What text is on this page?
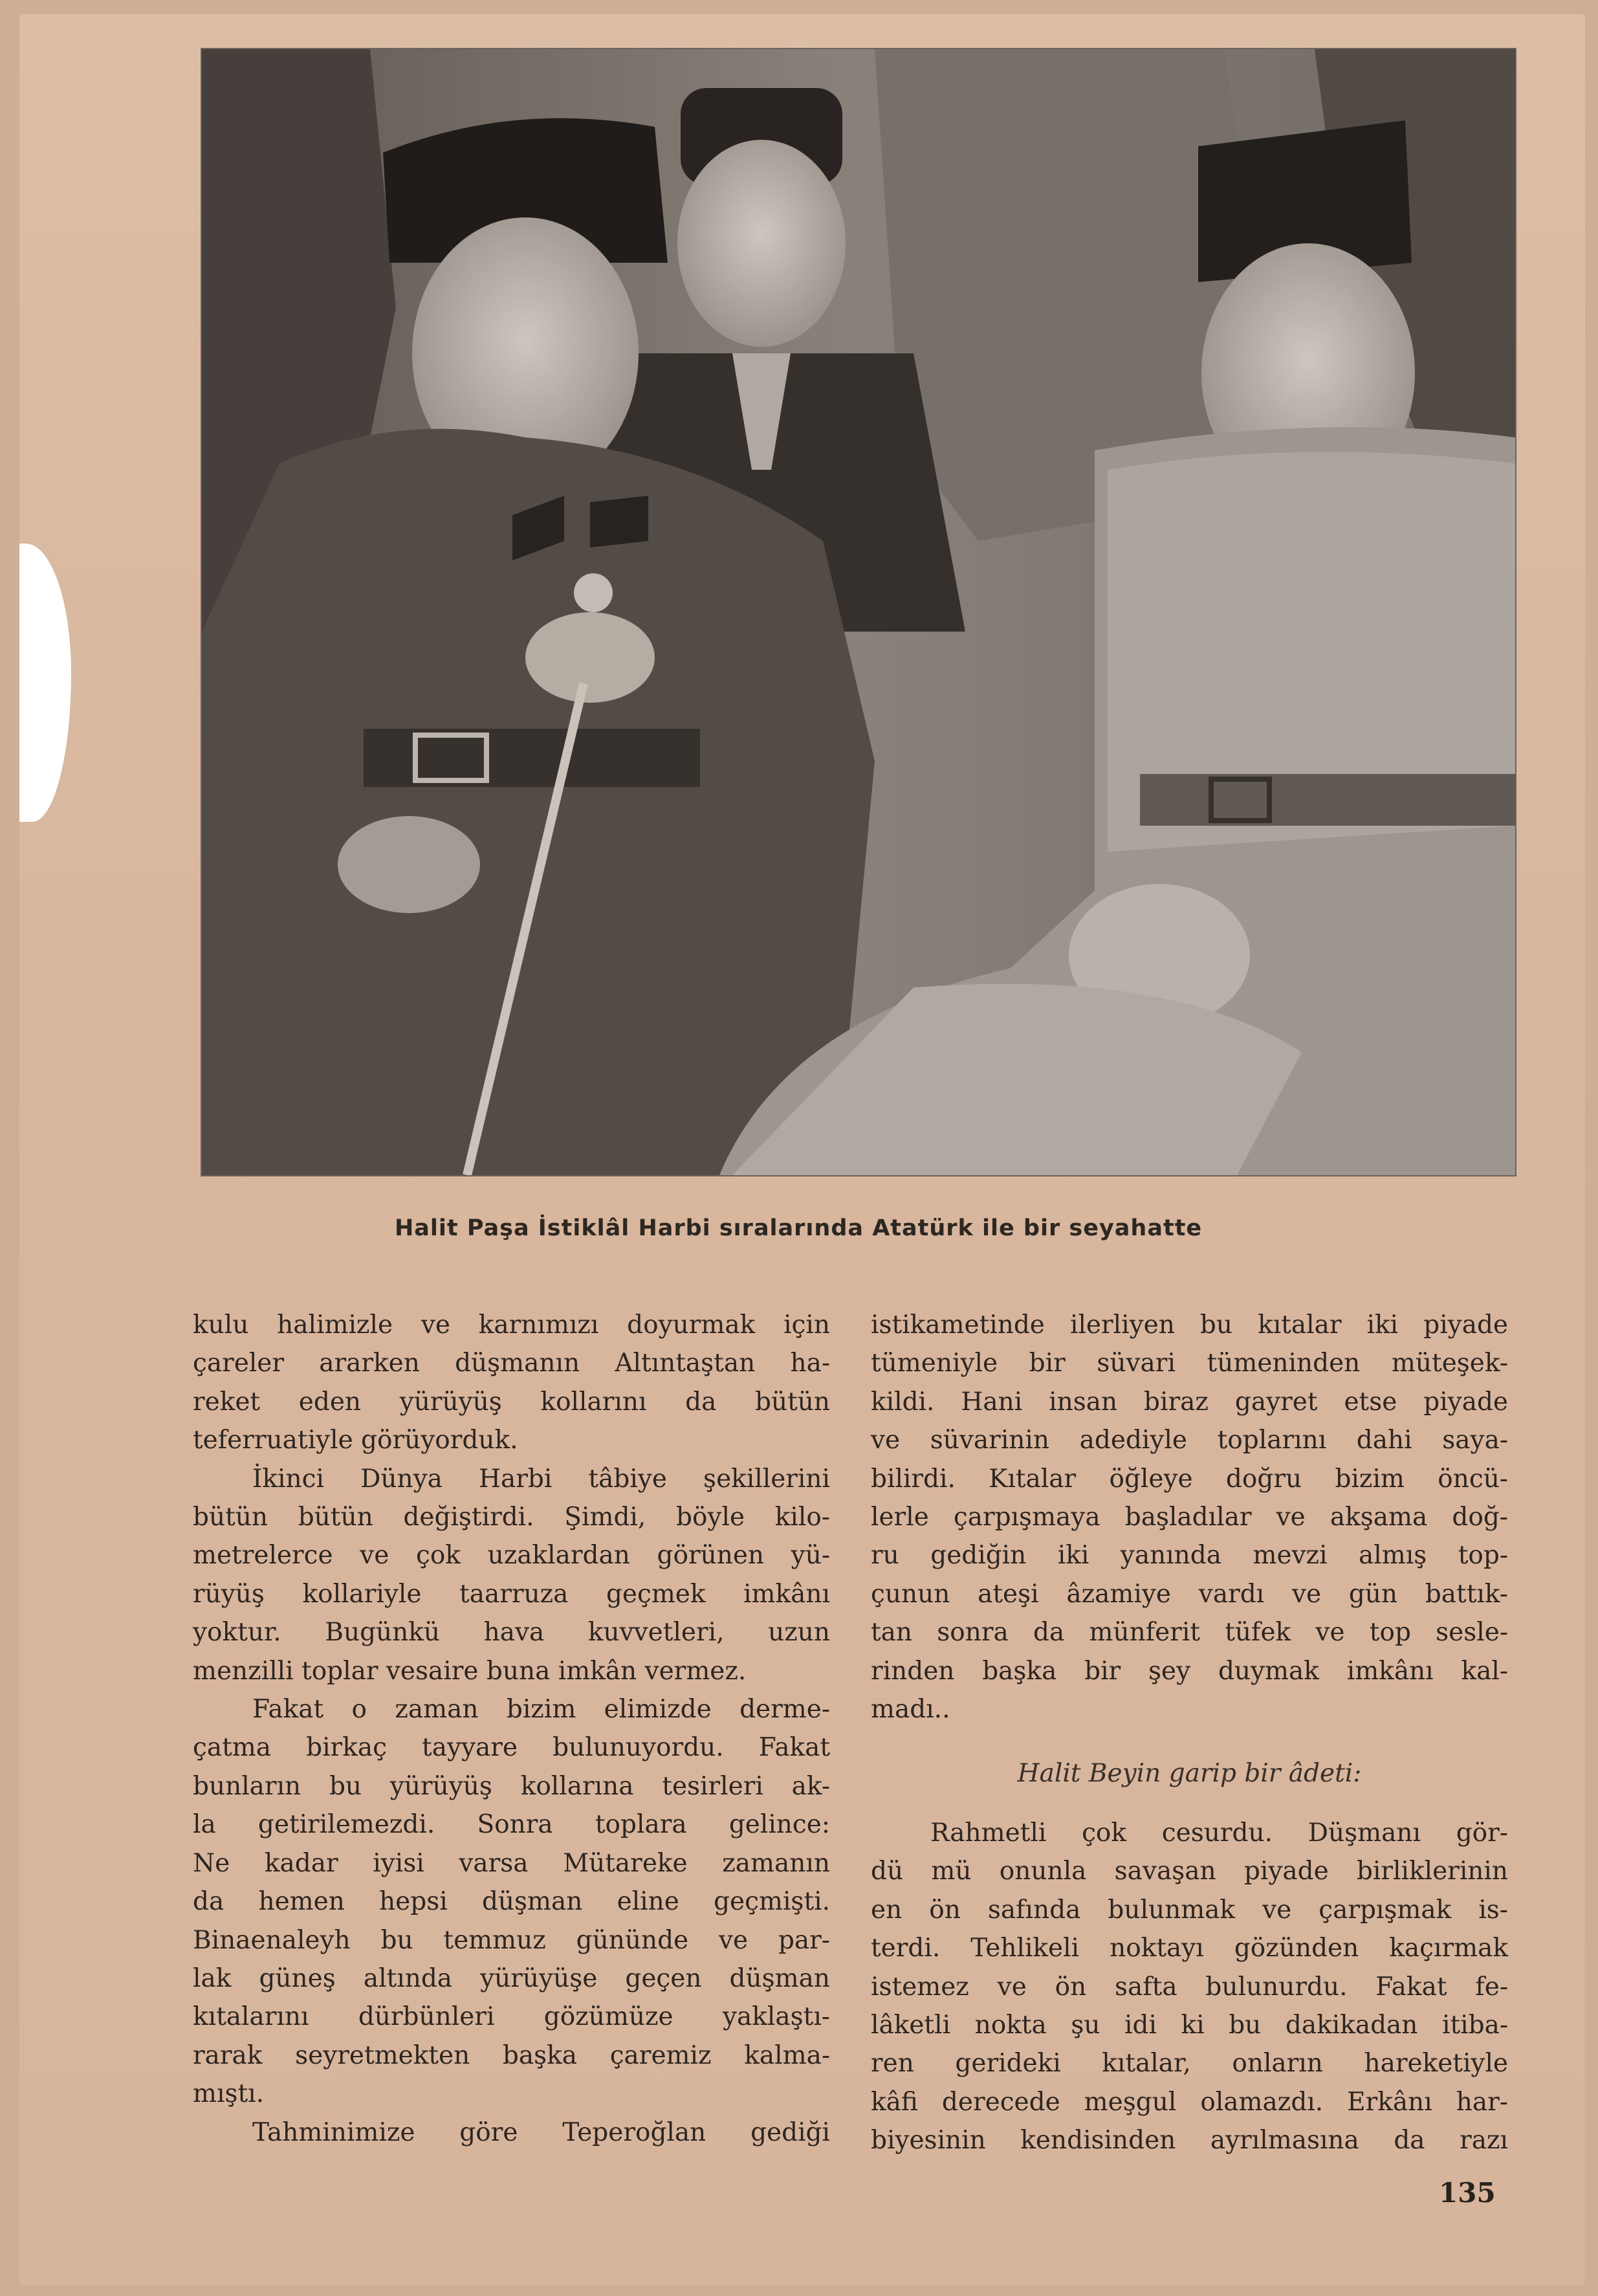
Halit Paşa İstiklâl Harbi sıralarında Atatürk ile bir seyahatte

kulu halimizle ve karnımızı doyurmak için

çareler ararken düşmanın Altıntaştan ha-

reket eden yürüyüş kollarını da bütün

teferruatiyle görüyorduk.

İkinci Dünya Harbi tâbiye şekillerini

bütün bütün değiştirdi. Şimdi, böyle kilo-

metrelerce ve çok uzaklardan görünen yü-

rüyüş kollariyle taarruza geçmek imkânı

yoktur. Bugünkü hava kuvvetleri, uzun

menzilli toplar vesaire buna imkân vermez.

Fakat o zaman bizim elimizde derme-

çatma birkaç tayyare bulunuyordu. Fakat

bunların bu yürüyüş kollarına tesirleri ak-

la getirilemezdi. Sonra toplara gelince:

Ne kadar iyisi varsa Mütareke zamanın

da hemen hepsi düşman eline geçmişti.

Binaenaleyh bu temmuz gününde ve par-

lak güneş altında yürüyüşe geçen düşman

kıtalarını dürbünleri gözümüze yaklaştı-

rarak seyretmekten başka çaremiz kalma-

mıştı.

Tahminimize göre Teperoğlan gediği

istikametinde ilerliyen bu kıtalar iki piyade

tümeniyle bir süvari tümeninden müteşek-

kildi. Hani insan biraz gayret etse piyade

ve süvarinin adediyle toplarını dahi saya-

bilirdi. Kıtalar öğleye doğru bizim öncü-

lerle çarpışmaya başladılar ve akşama doğ-

ru gediğin iki yanında mevzi almış top-

çunun ateşi âzamiye vardı ve gün battık-

tan sonra da münferit tüfek ve top sesle-

rinden başka bir şey duymak imkânı kal-

madı..

Halit Beyin garip bir âdeti:

Rahmetli çok cesurdu. Düşmanı gör-

dü mü onunla savaşan piyade birliklerinin

en ön safında bulunmak ve çarpışmak is-

terdi. Tehlikeli noktayı gözünden kaçırmak

istemez ve ön safta bulunurdu. Fakat fe-

lâketli nokta şu idi ki bu dakikadan itiba-

ren gerideki kıtalar, onların hareketiyle

kâfi derecede meşgul olamazdı. Erkânı har-

biyesinin kendisinden ayrılmasına da razı

135
